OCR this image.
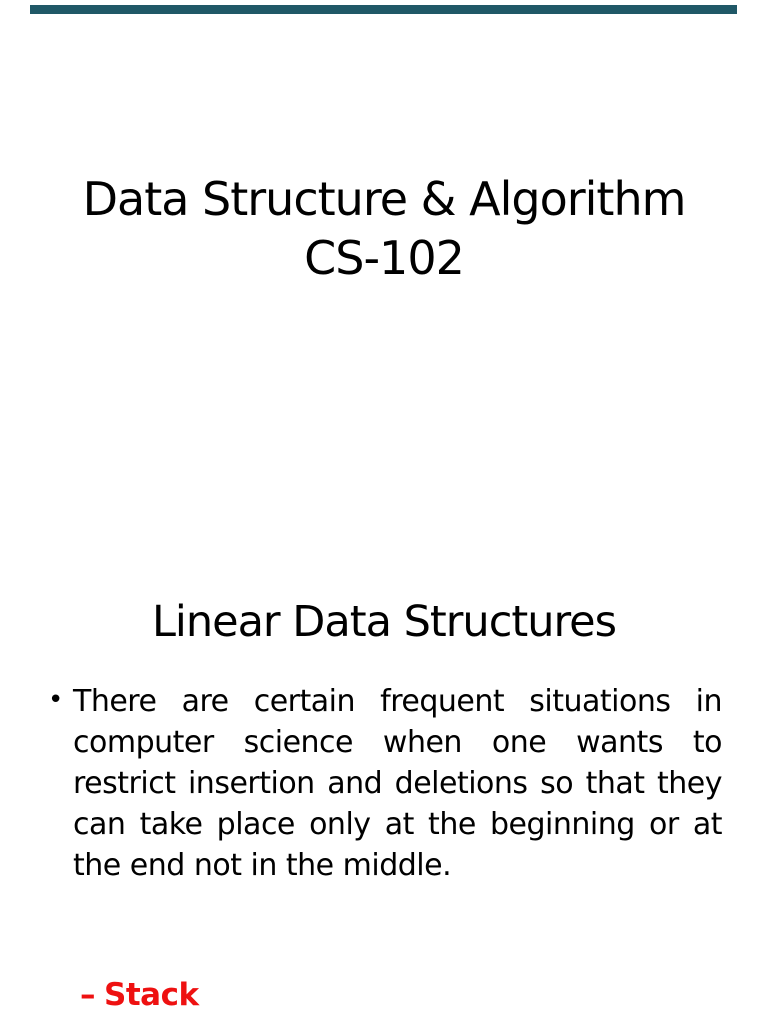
Data Structure & Algorithm
CS-102
Linear Data Structures
• There are certain frequent situations in computer science when one wants to restrict insertion and deletions so that they can take place only at the beginning or at the end not in the middle.
– Stack
